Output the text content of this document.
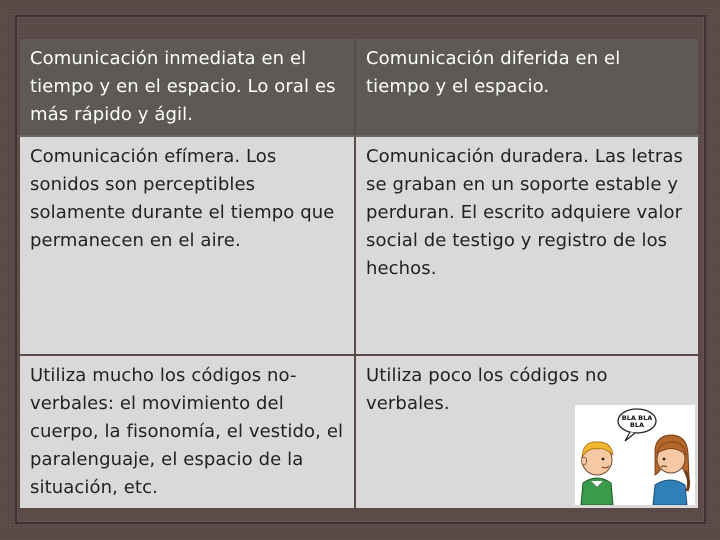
Comunicación inmediata en el tiempo y en el espacio. Lo oral es más rápido y ágil.	Comunicación diferida en el tiempo y el espacio.

Comunicación efímera. Los sonidos son perceptibles solamente durante el tiempo que permanecen en el aire.	Comunicación duradera. Las letras se graban en un soporte estable y perduran. El escrito adquiere valor social de testigo y registro de los hechos.

Utiliza mucho los códigos no-verbales: el movimiento del cuerpo, la fisonomía, el vestido, el paralenguaje, el espacio de la situación, etc.	Utiliza poco los códigos no verbales.
BLA BLA
BLA
